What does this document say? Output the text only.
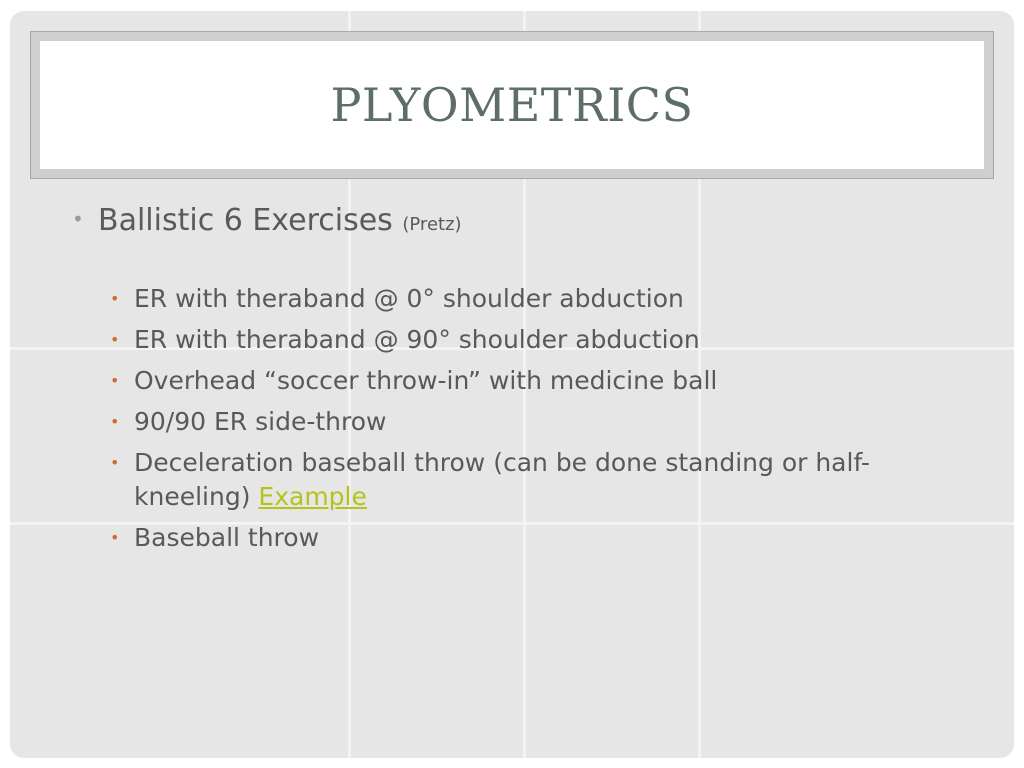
PLYOMETRICS
• Ballistic 6 Exercises (Pretz)
• ER with theraband @ 0° shoulder abduction
• ER with theraband @ 90° shoulder abduction
• Overhead “soccer throw-in” with medicine ball
• 90/90 ER side-throw
• Deceleration baseball throw (can be done standing or half-kneeling) Example
• Baseball throw
